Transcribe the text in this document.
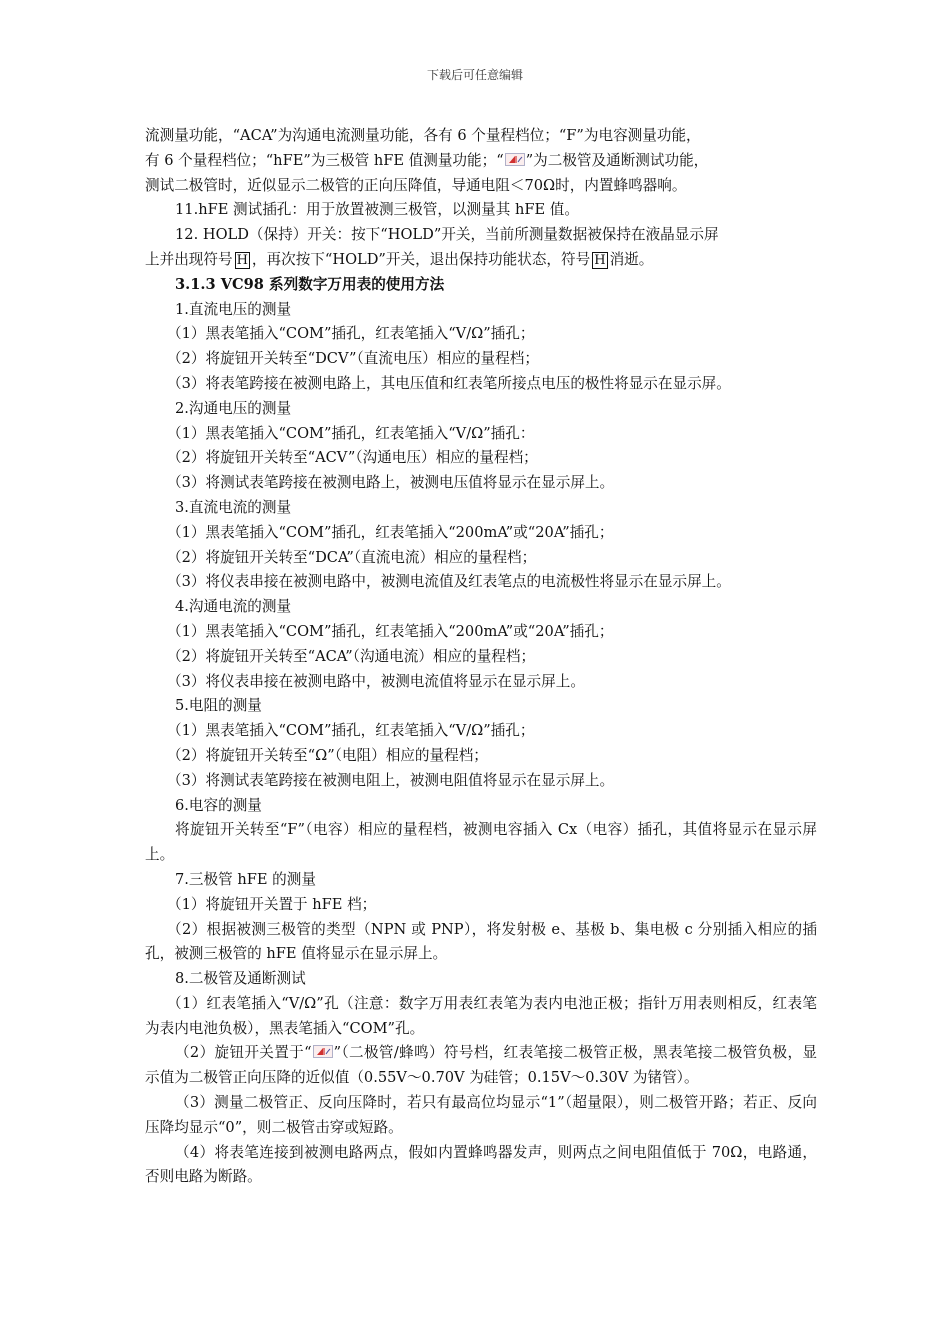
下载后可任意编辑

流测量功能，“ACA”为沟通电流测量功能，各有 6 个量程档位；“F”为电容测量功能，

有 6 个量程档位；“hFE”为三极管 hFE 值测量功能；“ ”为二极管及通断测试功能，

测试二极管时，近似显示二极管的正向压降值，导通电阻＜70Ω时，内置蜂鸣器响。

11.hFE 测试插孔：用于放置被测三极管，以测量其 hFE 值。

12. HOLD（保持）开关：按下“HOLD”开关，当前所测量数据被保持在液晶显示屏

上并出现符号 H ，再次按下“HOLD”开关，退出保持功能状态，符号 H 消逝。

3.1.3 VC98 系列数字万用表的使用方法

1.直流电压的测量

（1）黑表笔插入“COM”插孔，红表笔插入“V/Ω”插孔；

（2）将旋钮开关转至“DCV”（直流电压）相应的量程档；

（3）将表笔跨接在被测电路上，其电压值和红表笔所接点电压的极性将显示在显示屏。

2.沟通电压的测量

（1）黑表笔插入“COM”插孔，红表笔插入“V/Ω”插孔：

（2）将旋钮开关转至“ACV”（沟通电压）相应的量程档；

（3）将测试表笔跨接在被测电路上，被测电压值将显示在显示屏上。

3.直流电流的测量

（1）黑表笔插入“COM”插孔，红表笔插入“200mA”或“20A”插孔；

（2）将旋钮开关转至“DCA”（直流电流）相应的量程档；

（3）将仪表串接在被测电路中，被测电流值及红表笔点的电流极性将显示在显示屏上。

4.沟通电流的测量

（1）黑表笔插入“COM”插孔，红表笔插入“200mA”或“20A”插孔；

（2）将旋钮开关转至“ACA”（沟通电流）相应的量程档；

（3）将仪表串接在被测电路中，被测电流值将显示在显示屏上。

5.电阻的测量

（1）黑表笔插入“COM”插孔，红表笔插入“V/Ω”插孔；

（2）将旋钮开关转至“Ω”（电阻）相应的量程档；

（3）将测试表笔跨接在被测电阻上，被测电阻值将显示在显示屏上。

6.电容的测量

将旋钮开关转至“F”（电容）相应的量程档，被测电容插入 Cx（电容）插孔，其值将显示在显示屏上。

7.三极管 hFE 的测量

（1）将旋钮开关置于 hFE 档；

（2）根据被测三极管的类型（NPN 或 PNP），将发射极 e、基极 b、集电极 c 分别插入相应的插孔，被测三极管的 hFE 值将显示在显示屏上。

8.二极管及通断测试

（1）红表笔插入“V/Ω”孔（注意：数字万用表红表笔为表内电池正极；指针万用表则相反，红表笔为表内电池负极），黑表笔插入“COM”孔。

（2）旋钮开关置于“ ”（二极管/蜂鸣）符号档，红表笔接二极管正极，黑表笔接二极管负极，显示值为二极管正向压降的近似值（0.55V～0.70V 为硅管；0.15V～0.30V 为锗管）。

（3）测量二极管正、反向压降时，若只有最高位均显示“1”（超量限），则二极管开路；若正、反向压降均显示“0”，则二极管击穿或短路。

（4）将表笔连接到被测电路两点，假如内置蜂鸣器发声，则两点之间电阻值低于 70Ω，电路通，否则电路为断路。
